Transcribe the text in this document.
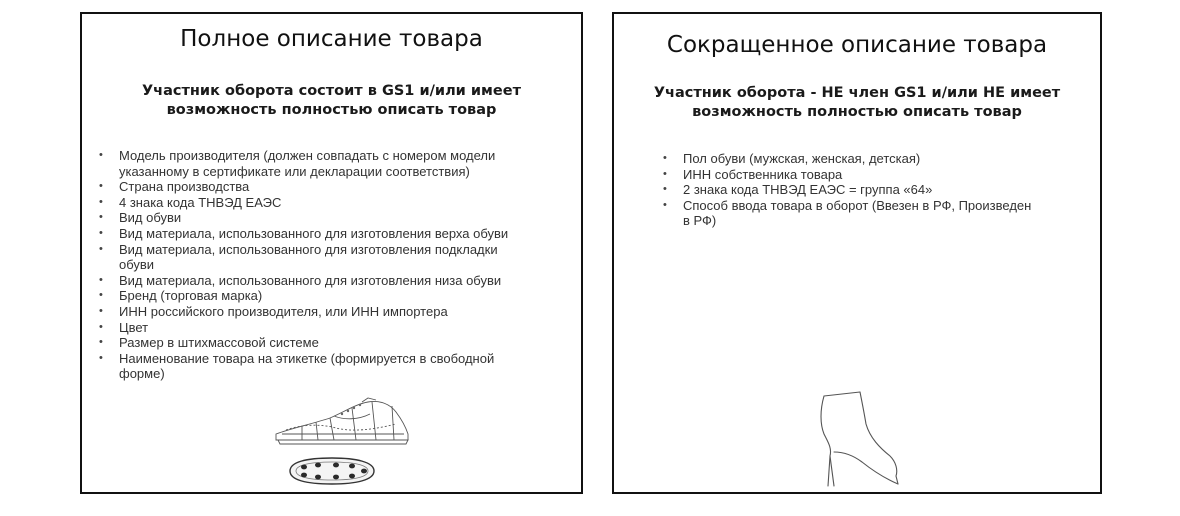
Полное описание товара
Участник оборота состоит в GS1 и/или имеет
возможность полностью описать товар
• Модель производителя (должен совпадать с номером модели
указанному в сертификате или декларации соответствия)
• Страна производства
• 4 знака кода ТНВЭД ЕАЭС
• Вид обуви
• Вид материала, использованного для изготовления верха обуви
• Вид материала, использованного для изготовления подкладки
обуви
• Вид материала, использованного для изготовления низа обуви
• Бренд (торговая марка)
• ИНН российского производителя, или ИНН импортера
• Цвет
• Размер в штихмассовой системе
• Наименование товара на этикетке (формируется в свободной
форме)
Сокращенное описание товара
Участник оборота - НЕ член GS1 и/или НЕ имеет
возможность полностью описать товар
• Пол обуви (мужская, женская, детская)
• ИНН собственника товара
• 2 знака кода ТНВЭД ЕАЭС = группа «64»
• Способ ввода товара в оборот (Ввезен в РФ, Произведен
в РФ)
